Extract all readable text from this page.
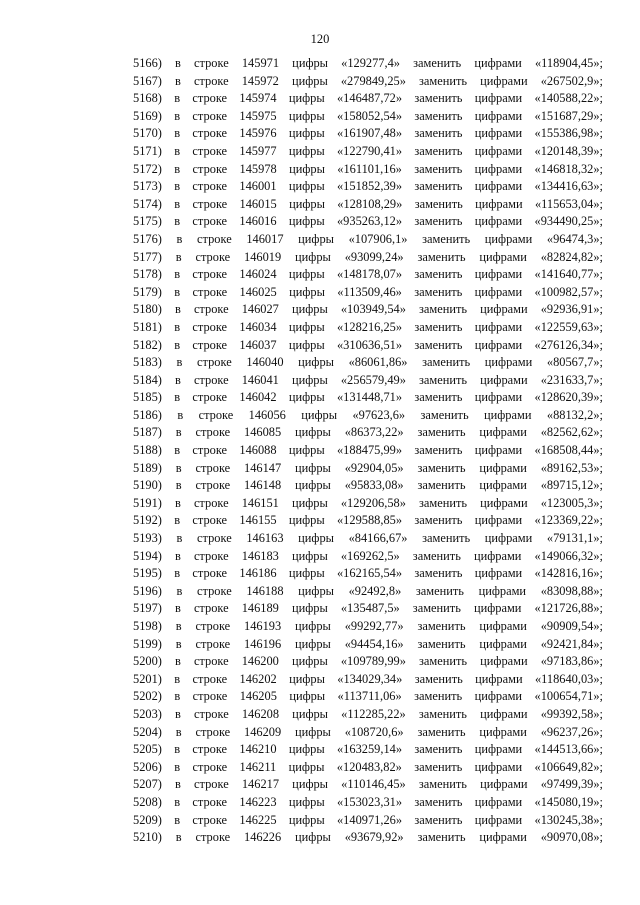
120
5166) в строке 145971 цифры «129277,4» заменить цифрами «118904,45»;
5167) в строке 145972 цифры «279849,25» заменить цифрами «267502,9»;
5168) в строке 145974 цифры «146487,72» заменить цифрами «140588,22»;
5169) в строке 145975 цифры «158052,54» заменить цифрами «151687,29»;
5170) в строке 145976 цифры «161907,48» заменить цифрами «155386,98»;
5171) в строке 145977 цифры «122790,41» заменить цифрами «120148,39»;
5172) в строке 145978 цифры «161101,16» заменить цифрами «146818,32»;
5173) в строке 146001 цифры «151852,39» заменить цифрами «134416,63»;
5174) в строке 146015 цифры «128108,29» заменить цифрами «115653,04»;
5175) в строке 146016 цифры «935263,12» заменить цифрами «934490,25»;
5176) в строке 146017 цифры «107906,1» заменить цифрами «96474,3»;
5177) в строке 146019 цифры «93099,24» заменить цифрами «82824,82»;
5178) в строке 146024 цифры «148178,07» заменить цифрами «141640,77»;
5179) в строке 146025 цифры «113509,46» заменить цифрами «100982,57»;
5180) в строке 146027 цифры «103949,54» заменить цифрами «92936,91»;
5181) в строке 146034 цифры «128216,25» заменить цифрами «122559,63»;
5182) в строке 146037 цифры «310636,51» заменить цифрами «276126,34»;
5183) в строке 146040 цифры «86061,86» заменить цифрами «80567,7»;
5184) в строке 146041 цифры «256579,49» заменить цифрами «231633,7»;
5185) в строке 146042 цифры «131448,71» заменить цифрами «128620,39»;
5186) в строке 146056 цифры «97623,6» заменить цифрами «88132,2»;
5187) в строке 146085 цифры «86373,22» заменить цифрами «82562,62»;
5188) в строке 146088 цифры «188475,99» заменить цифрами «168508,44»;
5189) в строке 146147 цифры «92904,05» заменить цифрами «89162,53»;
5190) в строке 146148 цифры «95833,08» заменить цифрами «89715,12»;
5191) в строке 146151 цифры «129206,58» заменить цифрами «123005,3»;
5192) в строке 146155 цифры «129588,85» заменить цифрами «123369,22»;
5193) в строке 146163 цифры «84166,67» заменить цифрами «79131,1»;
5194) в строке 146183 цифры «169262,5» заменить цифрами «149066,32»;
5195) в строке 146186 цифры «162165,54» заменить цифрами «142816,16»;
5196) в строке 146188 цифры «92492,8» заменить цифрами «83098,88»;
5197) в строке 146189 цифры «135487,5» заменить цифрами «121726,88»;
5198) в строке 146193 цифры «99292,77» заменить цифрами «90909,54»;
5199) в строке 146196 цифры «94454,16» заменить цифрами «92421,84»;
5200) в строке 146200 цифры «109789,99» заменить цифрами «97183,86»;
5201) в строке 146202 цифры «134029,34» заменить цифрами «118640,03»;
5202) в строке 146205 цифры «113711,06» заменить цифрами «100654,71»;
5203) в строке 146208 цифры «112285,22» заменить цифрами «99392,58»;
5204) в строке 146209 цифры «108720,6» заменить цифрами «96237,26»;
5205) в строке 146210 цифры «163259,14» заменить цифрами «144513,66»;
5206) в строке 146211 цифры «120483,82» заменить цифрами «106649,82»;
5207) в строке 146217 цифры «110146,45» заменить цифрами «97499,39»;
5208) в строке 146223 цифры «153023,31» заменить цифрами «145080,19»;
5209) в строке 146225 цифры «140971,26» заменить цифрами «130245,38»;
5210) в строке 146226 цифры «93679,92» заменить цифрами «90970,08»;
